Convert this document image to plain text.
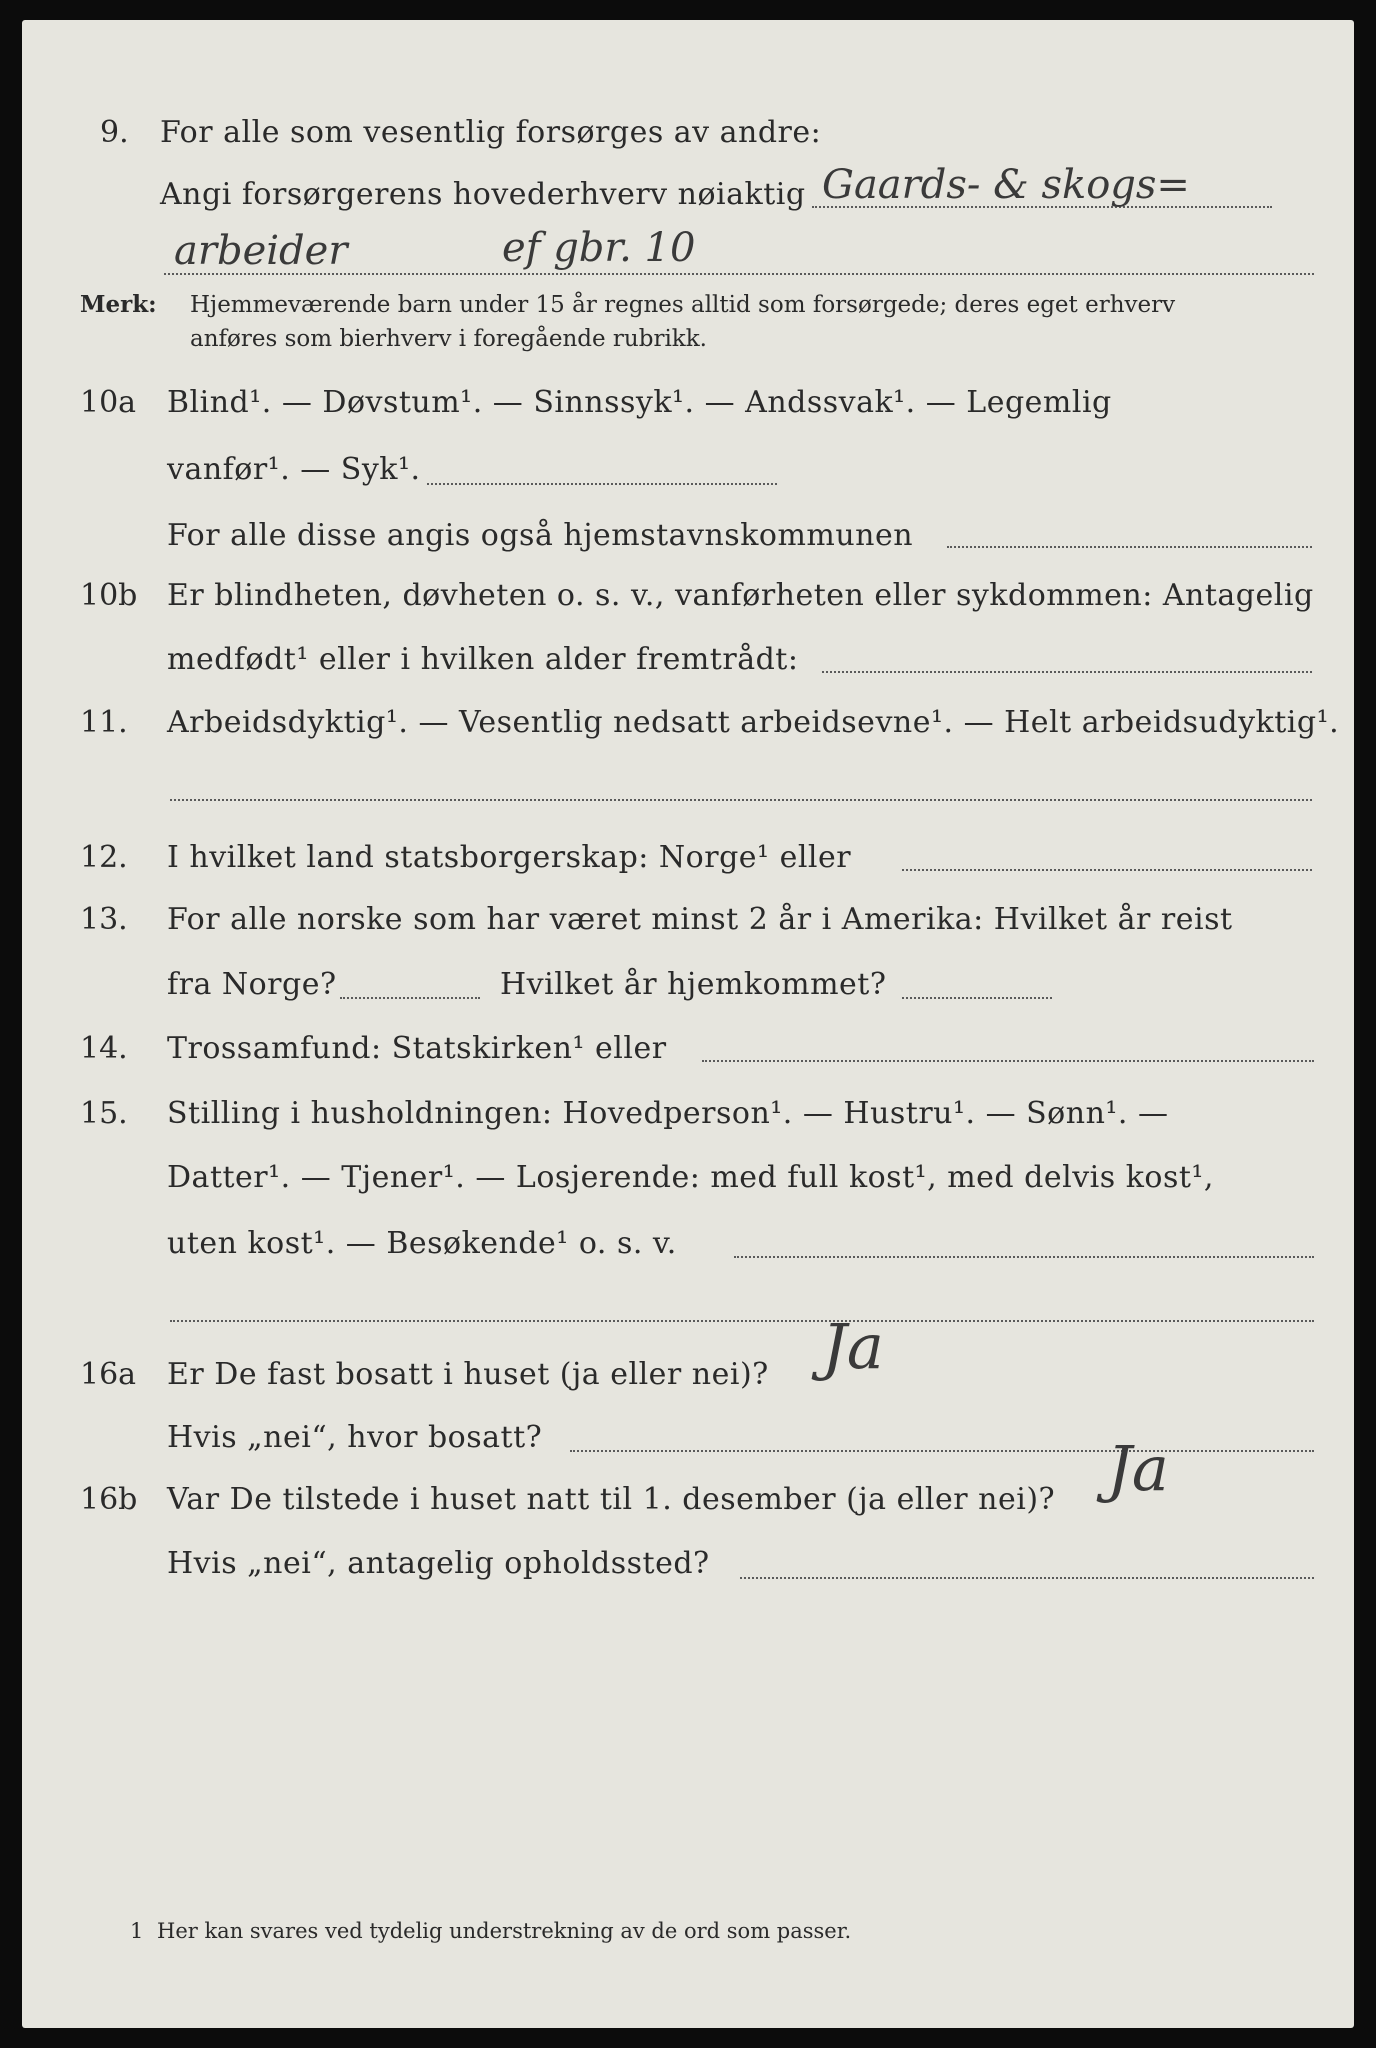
9. For alle som vesentlig forsørges av andre:
Angi forsørgerens hovederhverv nøiaktig Gaards- & skogs=
arbeider	ef gbr. 10
Merk: Hjemmeværende barn under 15 år regnes alltid som forsørgede; deres eget erhverv
anføres som bierhverv i foregående rubrikk.
10a Blind¹. — Døvstum¹. — Sinnssyk¹. — Andssvak¹. — Legemlig
vanfør¹. — Syk¹.
For alle disse angis også hjemstavnskommunen
10b Er blindheten, døvheten o. s. v., vanførheten eller sykdommen: Antagelig
medfødt¹ eller i hvilken alder fremtrådt:
11. Arbeidsdyktig¹. — Vesentlig nedsatt arbeidsevne¹. — Helt arbeidsudyktig¹.
12. I hvilket land statsborgerskap: Norge¹ eller
13. For alle norske som har været minst 2 år i Amerika: Hvilket år reist
fra Norge?	Hvilket år hjemkommet?
14. Trossamfund: Statskirken¹ eller
15. Stilling i husholdningen: Hovedperson¹. — Hustru¹. — Sønn¹. —
Datter¹. — Tjener¹. — Losjerende: med full kost¹, med delvis kost¹,
uten kost¹. — Besøkende¹ o. s. v.
16a Er De fast bosatt i huset (ja eller nei)? Ja
Hvis „nei“, hvor bosatt?
16b Var De tilstede i huset natt til 1. desember (ja eller nei)? Ja
Hvis „nei“, antagelig opholdssted?
1 Her kan svares ved tydelig understrekning av de ord som passer.
